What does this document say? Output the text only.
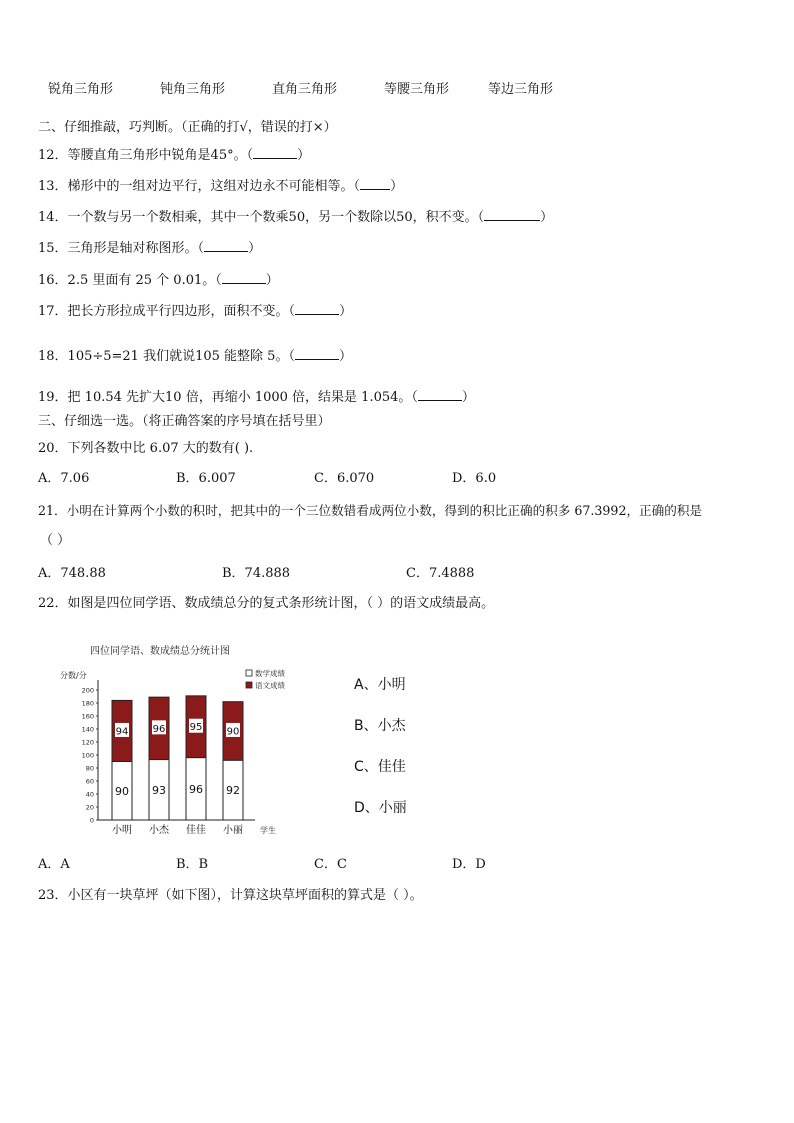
锐角三角形	钝角三角形	直角三角形	等腰三角形	等边三角形
二、仔细推敲，巧判断。（正确的打√，错误的打×）
12．等腰直角三角形中锐角是45°。（	）
13．梯形中的一组对边平行，这组对边永不可能相等。（ ）
14．一个数与另一个数相乘，其中一个数乘50，另一个数除以50，积不变。（	）
15．三角形是轴对称图形。（	）
16．2.5 里面有 25 个 0.01。（	）
17．把长方形拉成平行四边形，面积不变。（	）
18．105÷5=21 我们就说105 能整除 5。（	）
19．把 10.54 先扩大10 倍，再缩小 1000 倍，结果是 1.054。（	）
三、仔细选一选。（将正确答案的序号填在括号里）
20．下列各数中比 6.07 大的数有( ).
A．7.06	B．6.007	C．6.070	D．6.0
21．小明在计算两个小数的积时，把其中的一个三位数错看成两位小数，得到的积比正确的积多 67.3992，正确的积是
（ ）
A．748.88	B．74.888	C．7.4888
22．如图是四位同学语、数成绩总分的复式条形统计图，（ ）的语文成绩最高。
四位同学语、数成绩总分统计图
分数/分
学生
0
20
40
60
80
100
120
140
160
180
200
94
90
小明
96
93
小杰
95
96
佳佳
90
92
小丽
数学成绩
语文成绩	A、小明
B、小杰
C、佳佳
D、小丽
A．A	B．B	C．C	D．D
23．小区有一块草坪（如下图），计算这块草坪面积的算式是（ ）。
